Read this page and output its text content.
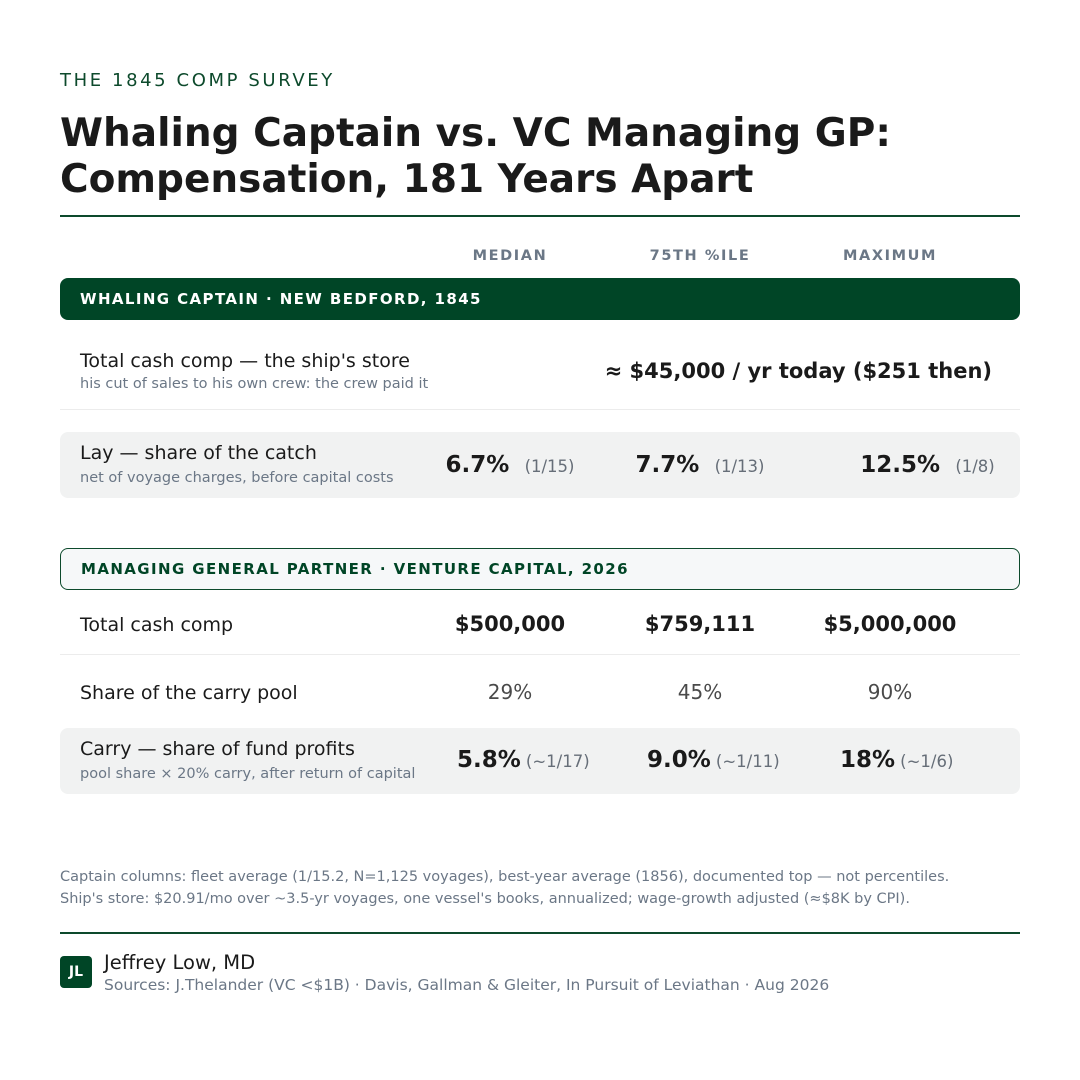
THE 1845 COMP SURVEY
Whaling Captain vs. VC Managing GP:
Compensation, 181 Years Apart
MEDIAN	75TH %ILE	MAXIMUM
WHALING CAPTAIN · NEW BEDFORD, 1845
Total cash comp — the ship's store
his cut of sales to his own crew: the crew paid it
≈ $45,000 / yr today ($251 then)
Lay — share of the catch
net of voyage charges, before capital costs	6.7% (1/15)	7.7% (1/13)	12.5% (1/8)
MANAGING GENERAL PARTNER · VENTURE CAPITAL, 2026
Total cash comp	$500,000	$759,111	$5,000,000
Share of the carry pool	29%	45%	90%
Carry — share of fund profits
pool share × 20% carry, after return of capital
5.8% (~1/17)	9.0% (~1/11)	18% (~1/6)
Captain columns: fleet average (1/15.2, N=1,125 voyages), best-year average (1856), documented top — not percentiles.
Ship's store: $20.91/mo over ~3.5-yr voyages, one vessel's books, annualized; wage-growth adjusted (≈$8K by CPI).
JL	Jeffrey Low, MD
Sources: J.Thelander (VC <$1B) · Davis, Gallman & Gleiter, In Pursuit of Leviathan · Aug 2026
